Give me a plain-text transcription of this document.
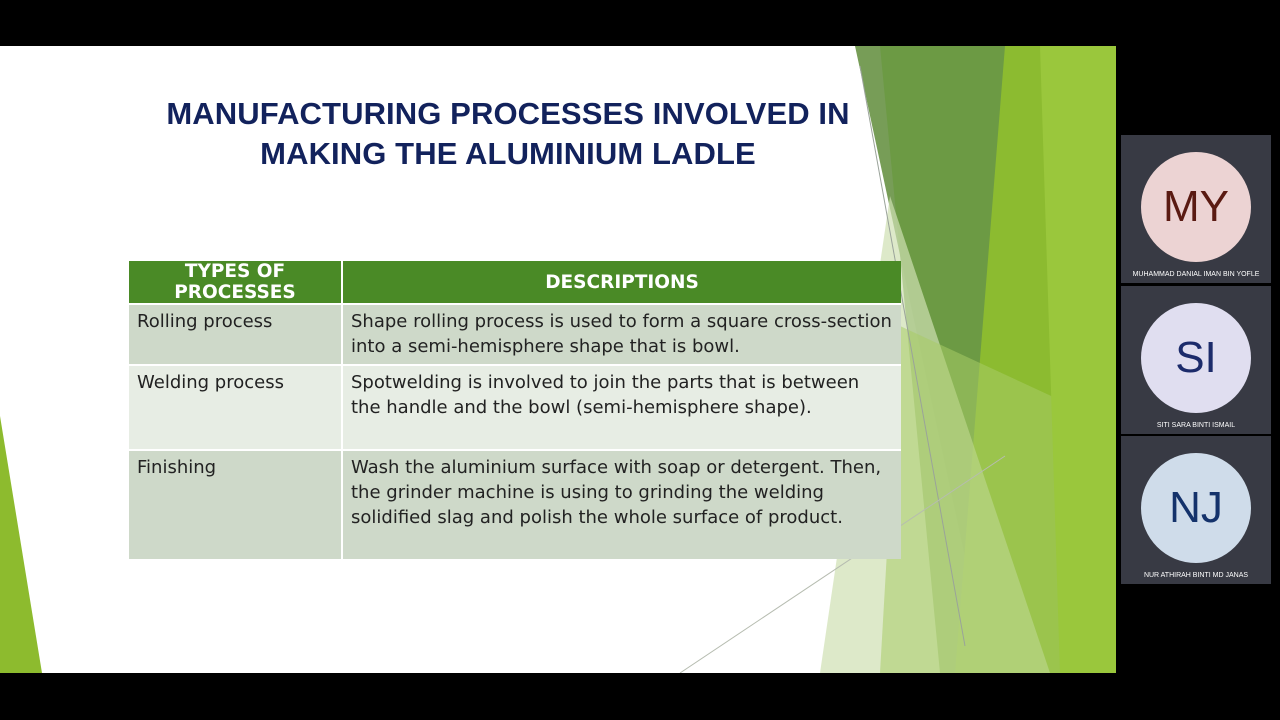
MANUFACTURING PROCESSES INVOLVED IN
MAKING THE ALUMINIUM LADLE
TYPES OF PROCESSES	DESCRIPTIONS
Rolling process	Shape rolling process is used to form a square cross-section into a semi-hemisphere shape that is bowl.
Welding process	Spotwelding is involved to join the parts that is between the handle and the bowl (semi-hemisphere shape).
Finishing	Wash the aluminium surface with soap or detergent. Then, the grinder machine is using to grinding the welding solidified slag and polish the whole surface of product.
MY
MUHAMMAD DANIAL IMAN BIN YOFLE
SI
SITI SARA BINTI ISMAIL
NJ
NUR ATHIRAH BINTI MD JANAS
